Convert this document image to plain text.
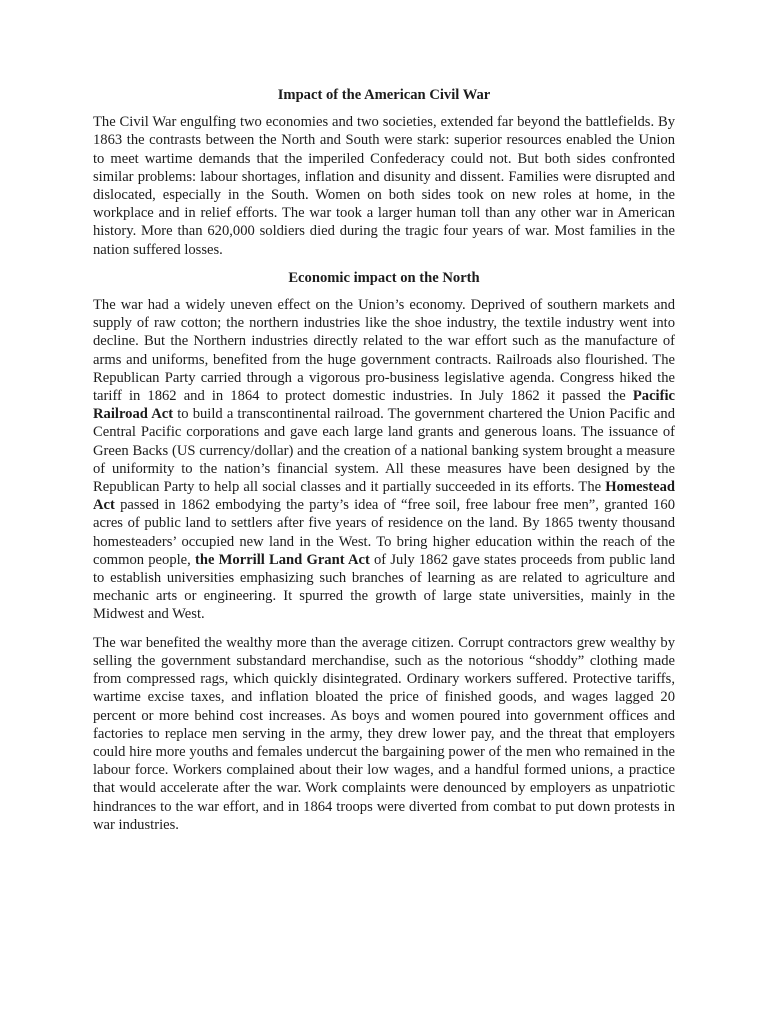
Impact of the American Civil War

The Civil War engulfing two economies and two societies, extended far beyond the battlefields. By 1863 the contrasts between the North and South were stark: superior resources enabled the Union to meet wartime demands that the imperiled Confederacy could not. But both sides confronted similar problems: labour shortages, inflation and disunity and dissent. Families were disrupted and dislocated, especially in the South. Women on both sides took on new roles at home, in the workplace and in relief efforts. The war took a larger human toll than any other war in American history. More than 620,000 soldiers died during the tragic four years of war. Most families in the nation suffered losses.

Economic impact on the North

The war had a widely uneven effect on the Union’s economy. Deprived of southern markets and supply of raw cotton; the northern industries like the shoe industry, the textile industry went into decline. But the Northern industries directly related to the war effort such as the manufacture of arms and uniforms, benefited from the huge government contracts. Railroads also flourished. The Republican Party carried through a vigorous pro-business legislative agenda. Congress hiked the tariff in 1862 and in 1864 to protect domestic industries. In July 1862 it passed the Pacific Railroad Act to build a transcontinental railroad. The government chartered the Union Pacific and Central Pacific corporations and gave each large land grants and generous loans. The issuance of Green Backs (US currency/dollar) and the creation of a national banking system brought a measure of uniformity to the nation’s financial system. All these measures have been designed by the Republican Party to help all social classes and it partially succeeded in its efforts. The Homestead Act passed in 1862 embodying the party’s idea of “free soil, free labour free men”, granted 160 acres of public land to settlers after five years of residence on the land. By 1865 twenty thousand homesteaders’ occupied new land in the West. To bring higher education within the reach of the common people, the Morrill Land Grant Act of July 1862 gave states proceeds from public land to establish universities emphasizing such branches of learning as are related to agriculture and mechanic arts or engineering. It spurred the growth of large state universities, mainly in the Midwest and West.

The war benefited the wealthy more than the average citizen. Corrupt contractors grew wealthy by selling the government substandard merchandise, such as the notorious “shoddy” clothing made from compressed rags, which quickly disintegrated. Ordinary workers suffered. Protective tariffs, wartime excise taxes, and inflation bloated the price of finished goods, and wages lagged 20 percent or more behind cost increases. As boys and women poured into government offices and factories to replace men serving in the army, they drew lower pay, and the threat that employers could hire more youths and females undercut the bargaining power of the men who remained in the labour force. Workers complained about their low wages, and a handful formed unions, a practice that would accelerate after the war. Work complaints were denounced by employers as unpatriotic hindrances to the war effort, and in 1864 troops were diverted from combat to put down protests in war industries.
